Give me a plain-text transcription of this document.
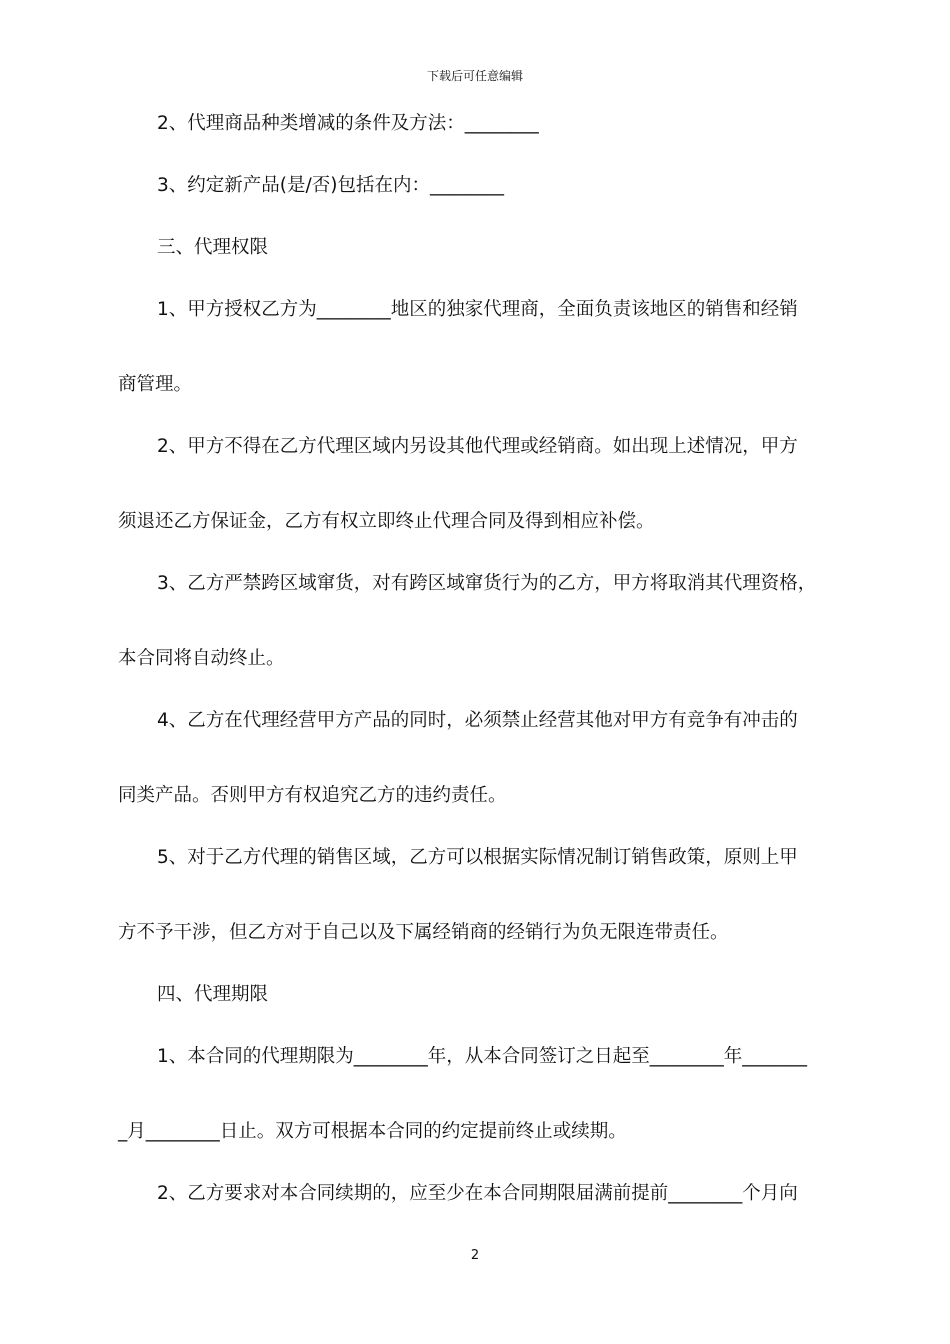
下载后可任意编辑
2、代理商品种类增减的条件及方法：________
3、约定新产品(是/否)包括在内：________
三、代理权限
1、甲方授权乙方为________地区的独家代理商，全面负责该地区的销售和经销
商管理。
2、甲方不得在乙方代理区域内另设其他代理或经销商。如出现上述情况，甲方
须退还乙方保证金，乙方有权立即终止代理合同及得到相应补偿。
3、乙方严禁跨区域窜货，对有跨区域窜货行为的乙方，甲方将取消其代理资格，
本合同将自动终止。
4、乙方在代理经营甲方产品的同时，必须禁止经营其他对甲方有竞争有冲击的
同类产品。否则甲方有权追究乙方的违约责任。
5、对于乙方代理的销售区域，乙方可以根据实际情况制订销售政策，原则上甲
方不予干涉，但乙方对于自己以及下属经销商的经销行为负无限连带责任。
四、代理期限
1、本合同的代理期限为________年，从本合同签订之日起至________年_______
_月________日止。双方可根据本合同的约定提前终止或续期。
2、乙方要求对本合同续期的，应至少在本合同期限届满前提前________个月向
2
